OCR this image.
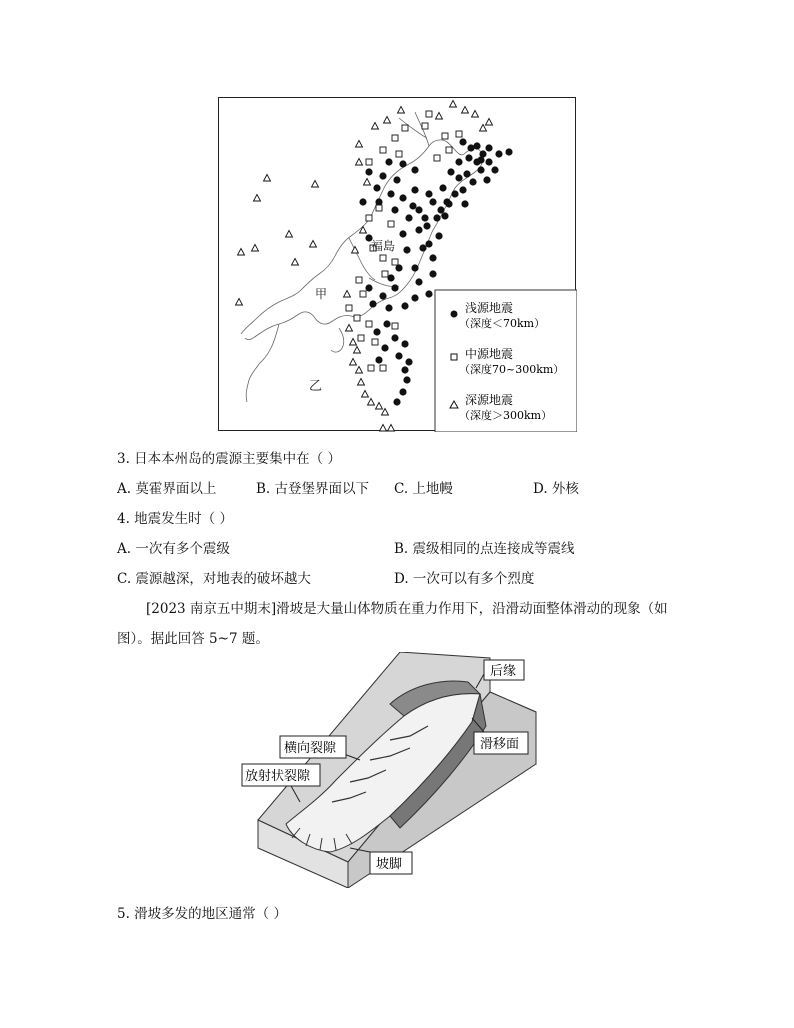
福島
甲
乙
浅源地震
（深度＜70km）
中源地震
（深度70~300km）
深源地震
（深度＞300km）
3. 日本本州岛的震源主要集中在（ ）
A. 莫霍界面以上	B. 古登堡界面以下 C. 上地幔	D. 外核
4. 地震发生时（ ）
A. 一次有多个震级	B. 震级相同的点连接成等震线
C. 震源越深，对地表的破坏越大	D. 一次可以有多个烈度
[2023 南京五中期末]滑坡是大量山体物质在重力作用下，沿滑动面整体滑动的现象（如
图）。据此回答 5~7 题。
后缘
滑移面
横向裂隙
放射状裂隙
坡脚
5. 滑坡多发的地区通常（ ）
